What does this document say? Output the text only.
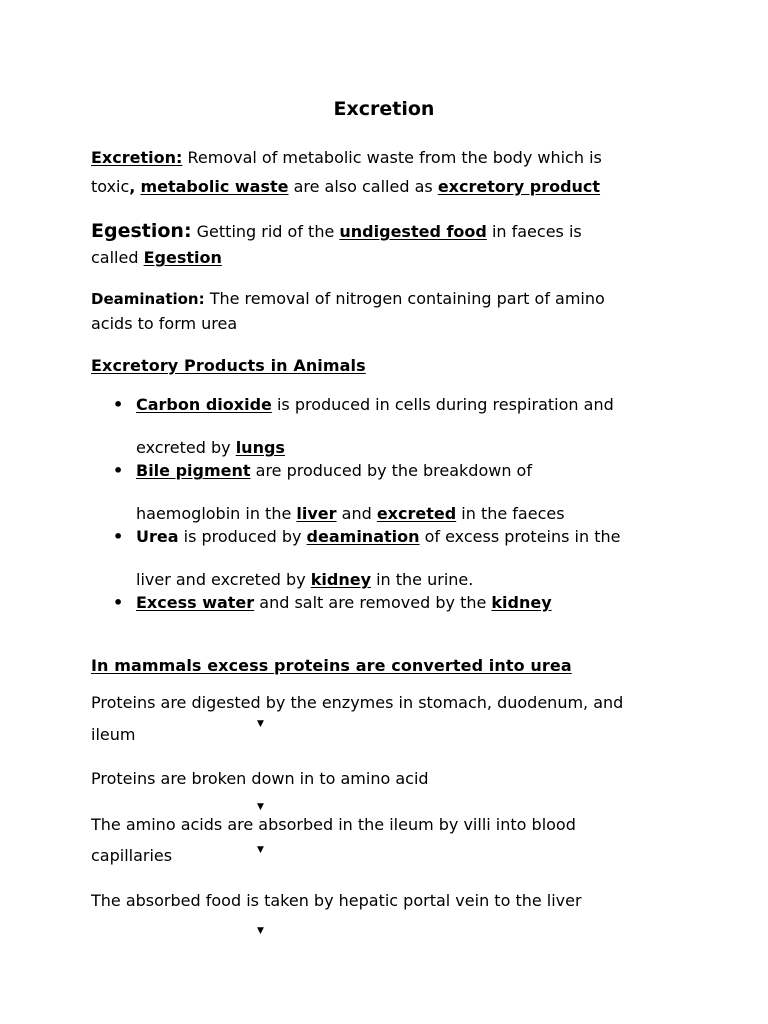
Excretion
Excretion: Removal of metabolic waste from the body which is
toxic, metabolic waste are also called as excretory product
Egestion: Getting rid of the undigested food in faeces is
called Egestion
Deamination: The removal of nitrogen containing part of amino
acids to form urea
Excretory Products in Animals
• Carbon dioxide is produced in cells during respiration and
excreted by lungs
• Bile pigment are produced by the breakdown of
haemoglobin in the liver and excreted in the faeces
• Urea is produced by deamination of excess proteins in the
liver and excreted by kidney in the urine.
• Excess water and salt are removed by the kidney
In mammals excess proteins are converted into urea
Proteins are digested by the enzymes in stomach, duodenum, and
ileum
▼
Proteins are broken down in to amino acid
▼
The amino acids are absorbed in the ileum by villi into blood
capillaries	▼
The absorbed food is taken by hepatic portal vein to the liver
▼
